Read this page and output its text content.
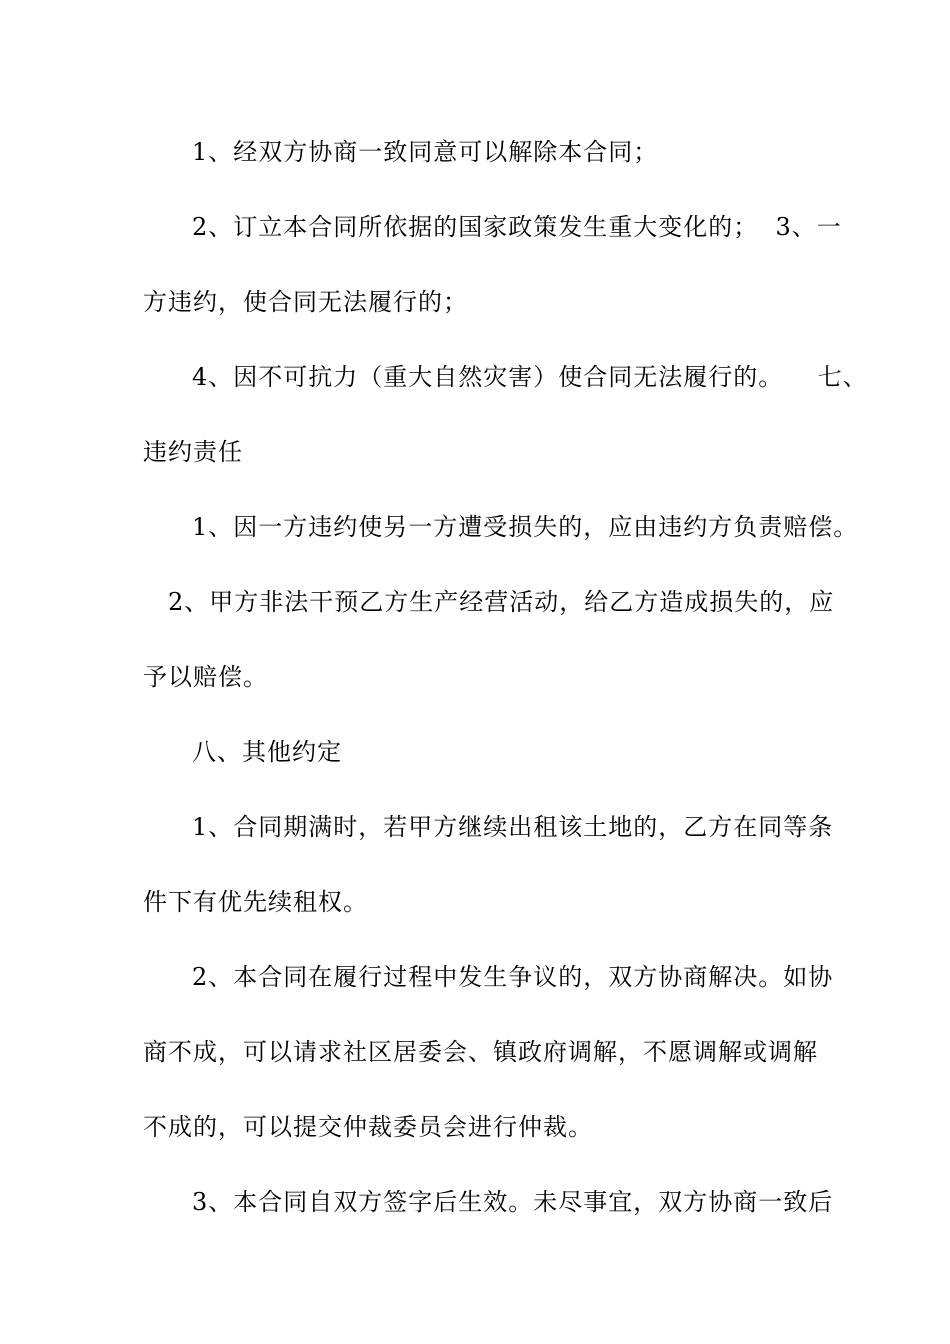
1、经双方协商一致同意可以解除本合同；
2、订立本合同所依据的国家政策发生重大变化的；  3、一
方违约，使合同无法履行的；
4、因不可抗力（重大自然灾害）使合同无法履行的。    七、
违约责任
1、因一方违约使另一方遭受损失的，应由违约方负责赔偿。
2、甲方非法干预乙方生产经营活动，给乙方造成损失的，应
予以赔偿。
八、其他约定
1、合同期满时，若甲方继续出租该土地的，乙方在同等条
件下有优先续租权。
2、本合同在履行过程中发生争议的，双方协商解决。如协
商不成，可以请求社区居委会、镇政府调解，不愿调解或调解
不成的，可以提交仲裁委员会进行仲裁。
3、本合同自双方签字后生效。未尽事宜，双方协商一致后
